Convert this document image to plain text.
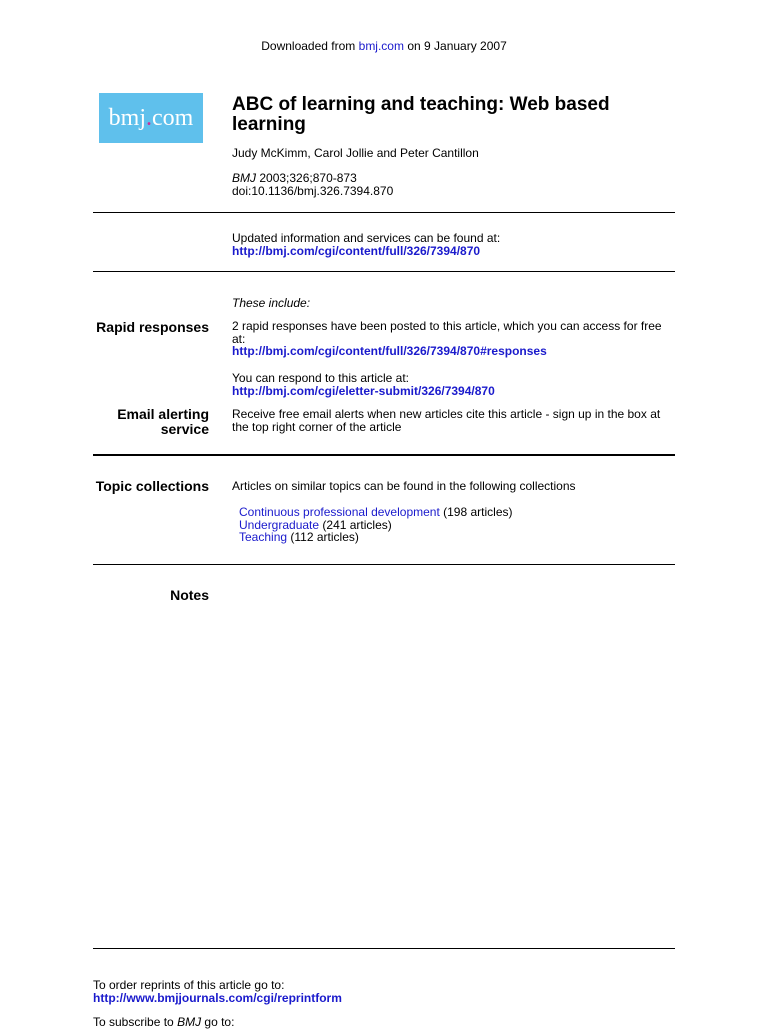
Downloaded from bmj.com on 9 January 2007
bmj . com ABC of learning and teaching: Web based learning
Judy McKimm, Carol Jollie and Peter Cantillon
BMJ 2003;326;870-873
doi:10.1136/bmj.326.7394.870
Updated information and services can be found at:
http://bmj.com/cgi/content/full/326/7394/870
These include:
Rapid responses 2 rapid responses have been posted to this article, which you can access for free at:
http://bmj.com/cgi/content/full/326/7394/870#responses
You can respond to this article at:
http://bmj.com/cgi/eletter-submit/326/7394/870
Email alerting
service
Receive free email alerts when new articles cite this article - sign up in the box at the top right corner of the article
Topic collections Articles on similar topics can be found in the following collections
Continuous professional development (198 articles)
Undergraduate (241 articles)
Teaching (112 articles)
Notes
To order reprints of this article go to:
http://www.bmjjournals.com/cgi/reprintform
To subscribe to BMJ go to:
